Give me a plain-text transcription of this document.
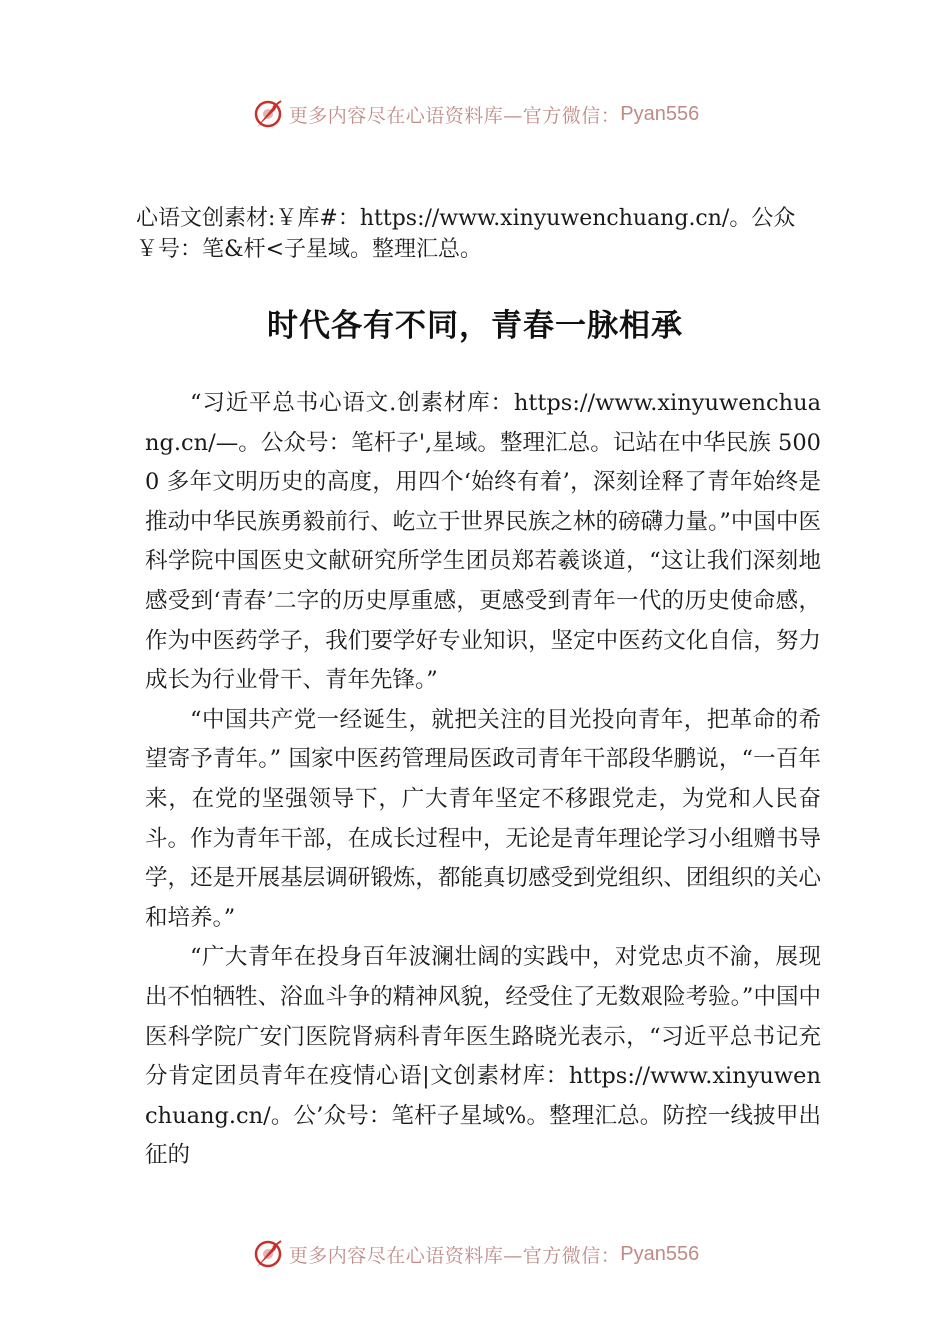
更多内容尽在心语资料库—官方微信： Pyan556
心语文创素材:￥库#：https://www.xinyuwenchuang.cn/。公众￥号：笔&杆<子星域。整理汇总。
时代各有不同，青春一脉相承

“习近平总书心语文.创素材库：https://www.xinyuwenchuang.cn/—。公众号：笔杆子',星域。整理汇总。记站在中华民族 5000 多年文明历史的高度，用四个‘始终有着’，深刻诠释了青年始终是推动中华民族勇毅前行、屹立于世界民族之林的磅礴力量。”中国中医科学院中国医史文献研究所学生团员郑若羲谈道，“这让我们深刻地感受到‘青春’二字的历史厚重感，更感受到青年一代的历史使命感，作为中医药学子，我们要学好专业知识，坚定中医药文化自信，努力成长为行业骨干、青年先锋。”

“中国共产党一经诞生，就把关注的目光投向青年，把革命的希望寄予青年。” 国家中医药管理局医政司青年干部段华鹏说，“一百年来，在党的坚强领导下，广大青年坚定不移跟党走，为党和人民奋斗。作为青年干部，在成长过程中，无论是青年理论学习小组赠书导学，还是开展基层调研锻炼，都能真切感受到党组织、团组织的关心和培养。”

“广大青年在投身百年波澜壮阔的实践中，对党忠贞不渝，展现出不怕牺牲、浴血斗争的精神风貌，经受住了无数艰险考验。”中国中医科学院广安门医院肾病科青年医生路晓光表示，“习近平总书记充分肯定团员青年在疫情心语|文创素材库：https://www.xinyuwenchuang.cn/。公’众号：笔杆子星域%。整理汇总。防控一线披甲出征的

更多内容尽在心语资料库—官方微信： Pyan556
